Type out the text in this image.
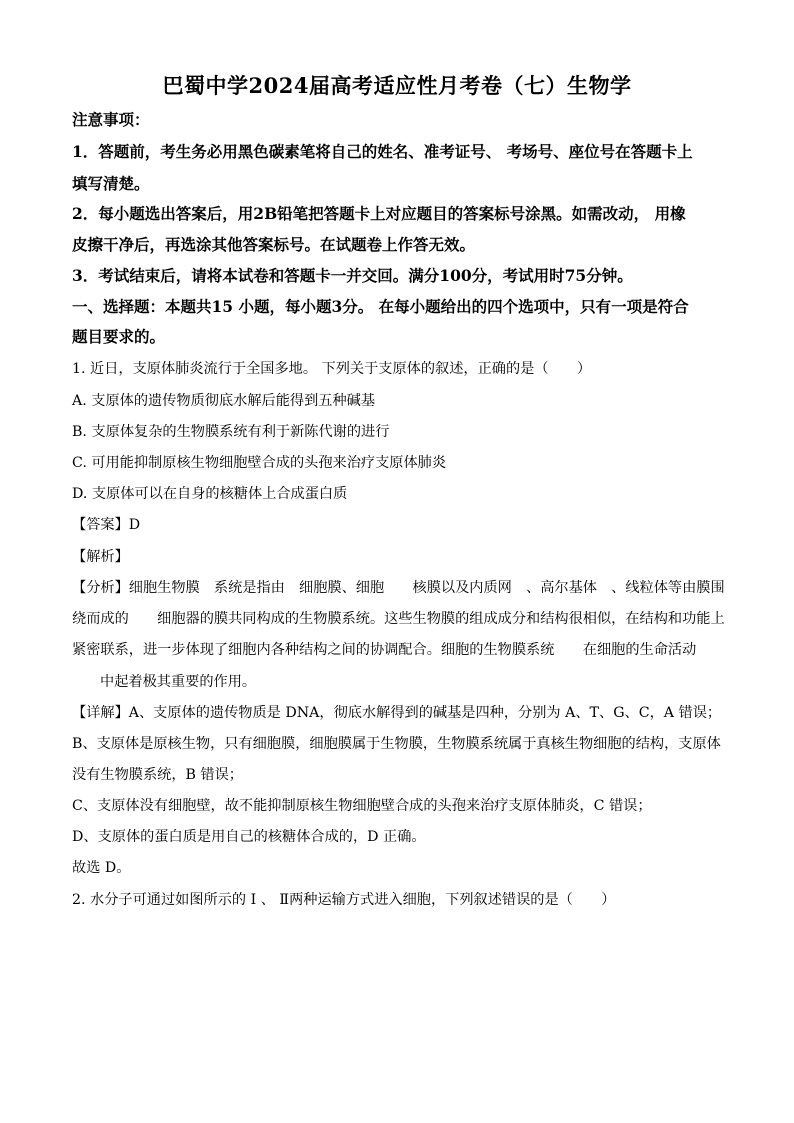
巴蜀中学2024届高考适应性月考卷（七）生物学
注意事项：
1．答题前，考生务必用黑色碳素笔将自己的姓名、准考证号、 考场号、座位号在答题卡上
填写清楚。
2．每小题选出答案后，用2B铅笔把答题卡上对应题目的答案标号涂黑。如需改动， 用橡
皮擦干净后，再选涂其他答案标号。在试题卷上作答无效。
3．考试结束后，请将本试卷和答题卡一并交回。满分100分，考试用时75分钟。
一、选择题：本题共15 小题，每小题3分。 在每小题给出的四个选项中，只有一项是符合
题目要求的。
1. 近日，支原体肺炎流行于全国多地。 下列关于支原体的叙述，正确的是（　　）
A. 支原体的遗传物质彻底水解后能得到五种碱基
B. 支原体复杂的生物膜系统有利于新陈代谢的进行
C. 可用能抑制原核生物细胞壁合成的头孢来治疗支原体肺炎
D. 支原体可以在自身的核糖体上合成蛋白质
【答案】D
【解析】
【分析】细胞生物膜　系统是指由　细胞膜、细胞　　核膜以及内质网　、高尔基体　、线粒体等由膜围
绕而成的　　细胞器的膜共同构成的生物膜系统。这些生物膜的组成成分和结构很相似，在结构和功能上
紧密联系，进一步体现了细胞内各种结构之间的协调配合。细胞的生物膜系统　　在细胞的生命活动
中起着极其重要的作用。
【详解】A、支原体的遗传物质是 DNA，彻底水解得到的碱基是四种，分别为 A、T、G、C，A 错误；
B、支原体是原核生物，只有细胞膜，细胞膜属于生物膜，生物膜系统属于真核生物细胞的结构，支原体
没有生物膜系统，B 错误；
C、支原体没有细胞壁，故不能抑制原核生物细胞壁合成的头孢来治疗支原体肺炎，C 错误；
D、支原体的蛋白质是用自己的核糖体合成的，D 正确。
故选 D。
2. 水分子可通过如图所示的 Ⅰ 、 Ⅱ两种运输方式进入细胞，下列叙述错误的是（　　）
